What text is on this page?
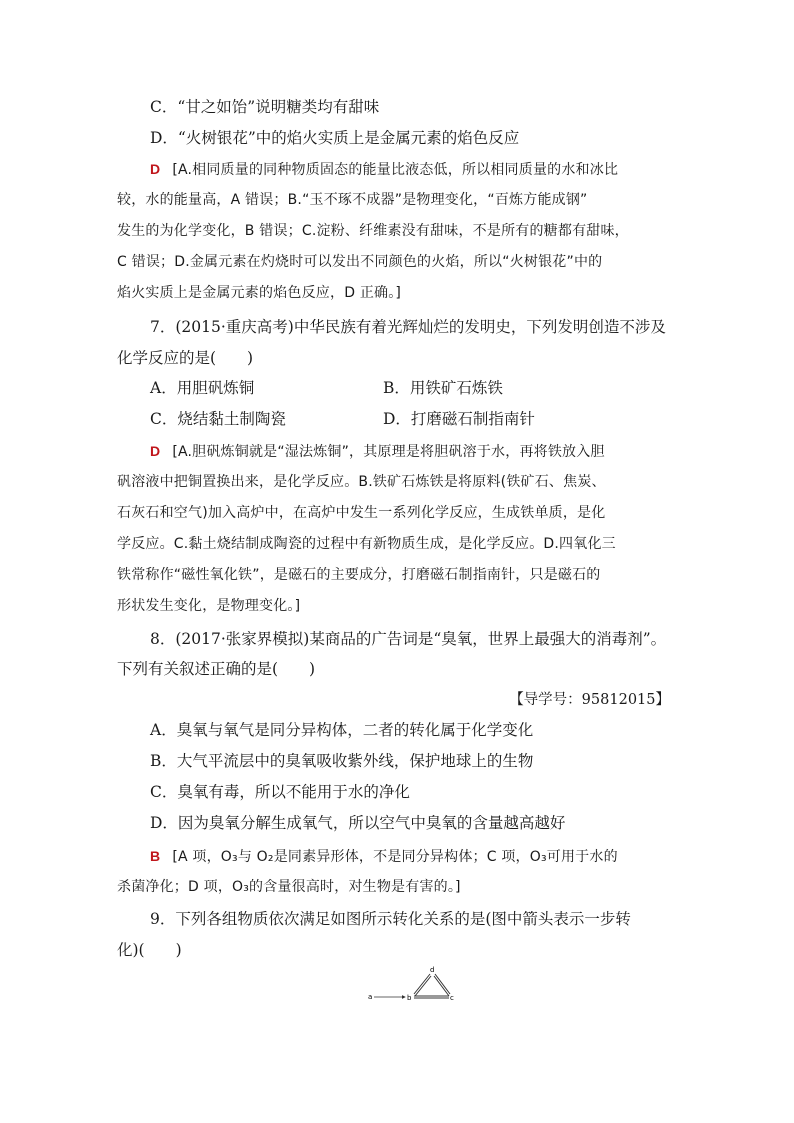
C．“甘之如饴”说明糖类均有甜味
D．“火树银花”中的焰火实质上是金属元素的焰色反应
D [A.相同质量的同种物质固态的能量比液态低，所以相同质量的水和冰比
较，水的能量高，A 错误；B.“玉不琢不成器”是物理变化，“百炼方能成钢”
发生的为化学变化，B 错误；C.淀粉、纤维素没有甜味，不是所有的糖都有甜味，
C 错误；D.金属元素在灼烧时可以发出不同颜色的火焰，所以“火树银花”中的
焰火实质上是金属元素的焰色反应，D 正确。]
7．(2015·重庆高考)中华民族有着光辉灿烂的发明史，下列发明创造不涉及
化学反应的是(　　)
A．用胆矾炼铜	B．用铁矿石炼铁
C．烧结黏土制陶瓷	D．打磨磁石制指南针
D [A.胆矾炼铜就是“湿法炼铜”，其原理是将胆矾溶于水，再将铁放入胆
矾溶液中把铜置换出来，是化学反应。B.铁矿石炼铁是将原料(铁矿石、焦炭、
石灰石和空气)加入高炉中，在高炉中发生一系列化学反应，生成铁单质，是化
学反应。C.黏土烧结制成陶瓷的过程中有新物质生成，是化学反应。D.四氧化三
铁常称作“磁性氧化铁”，是磁石的主要成分，打磨磁石制指南针，只是磁石的
形状发生变化，是物理变化。]
8．(2017·张家界模拟)某商品的广告词是“臭氧，世界上最强大的消毒剂”。
下列有关叙述正确的是(　　)
【导学号：95812015】
A．臭氧与氧气是同分异构体，二者的转化属于化学变化
B．大气平流层中的臭氧吸收紫外线，保护地球上的生物
C．臭氧有毒，所以不能用于水的净化
D．因为臭氧分解生成氧气，所以空气中臭氧的含量越高越好
B [A 项，O₃与 O₂是同素异形体，不是同分异构体；C 项，O₃可用于水的
杀菌净化；D 项，O₃的含量很高时，对生物是有害的。]
9．下列各组物质依次满足如图所示转化关系的是(图中箭头表示一步转
化)(　　)
a	b
d
c
